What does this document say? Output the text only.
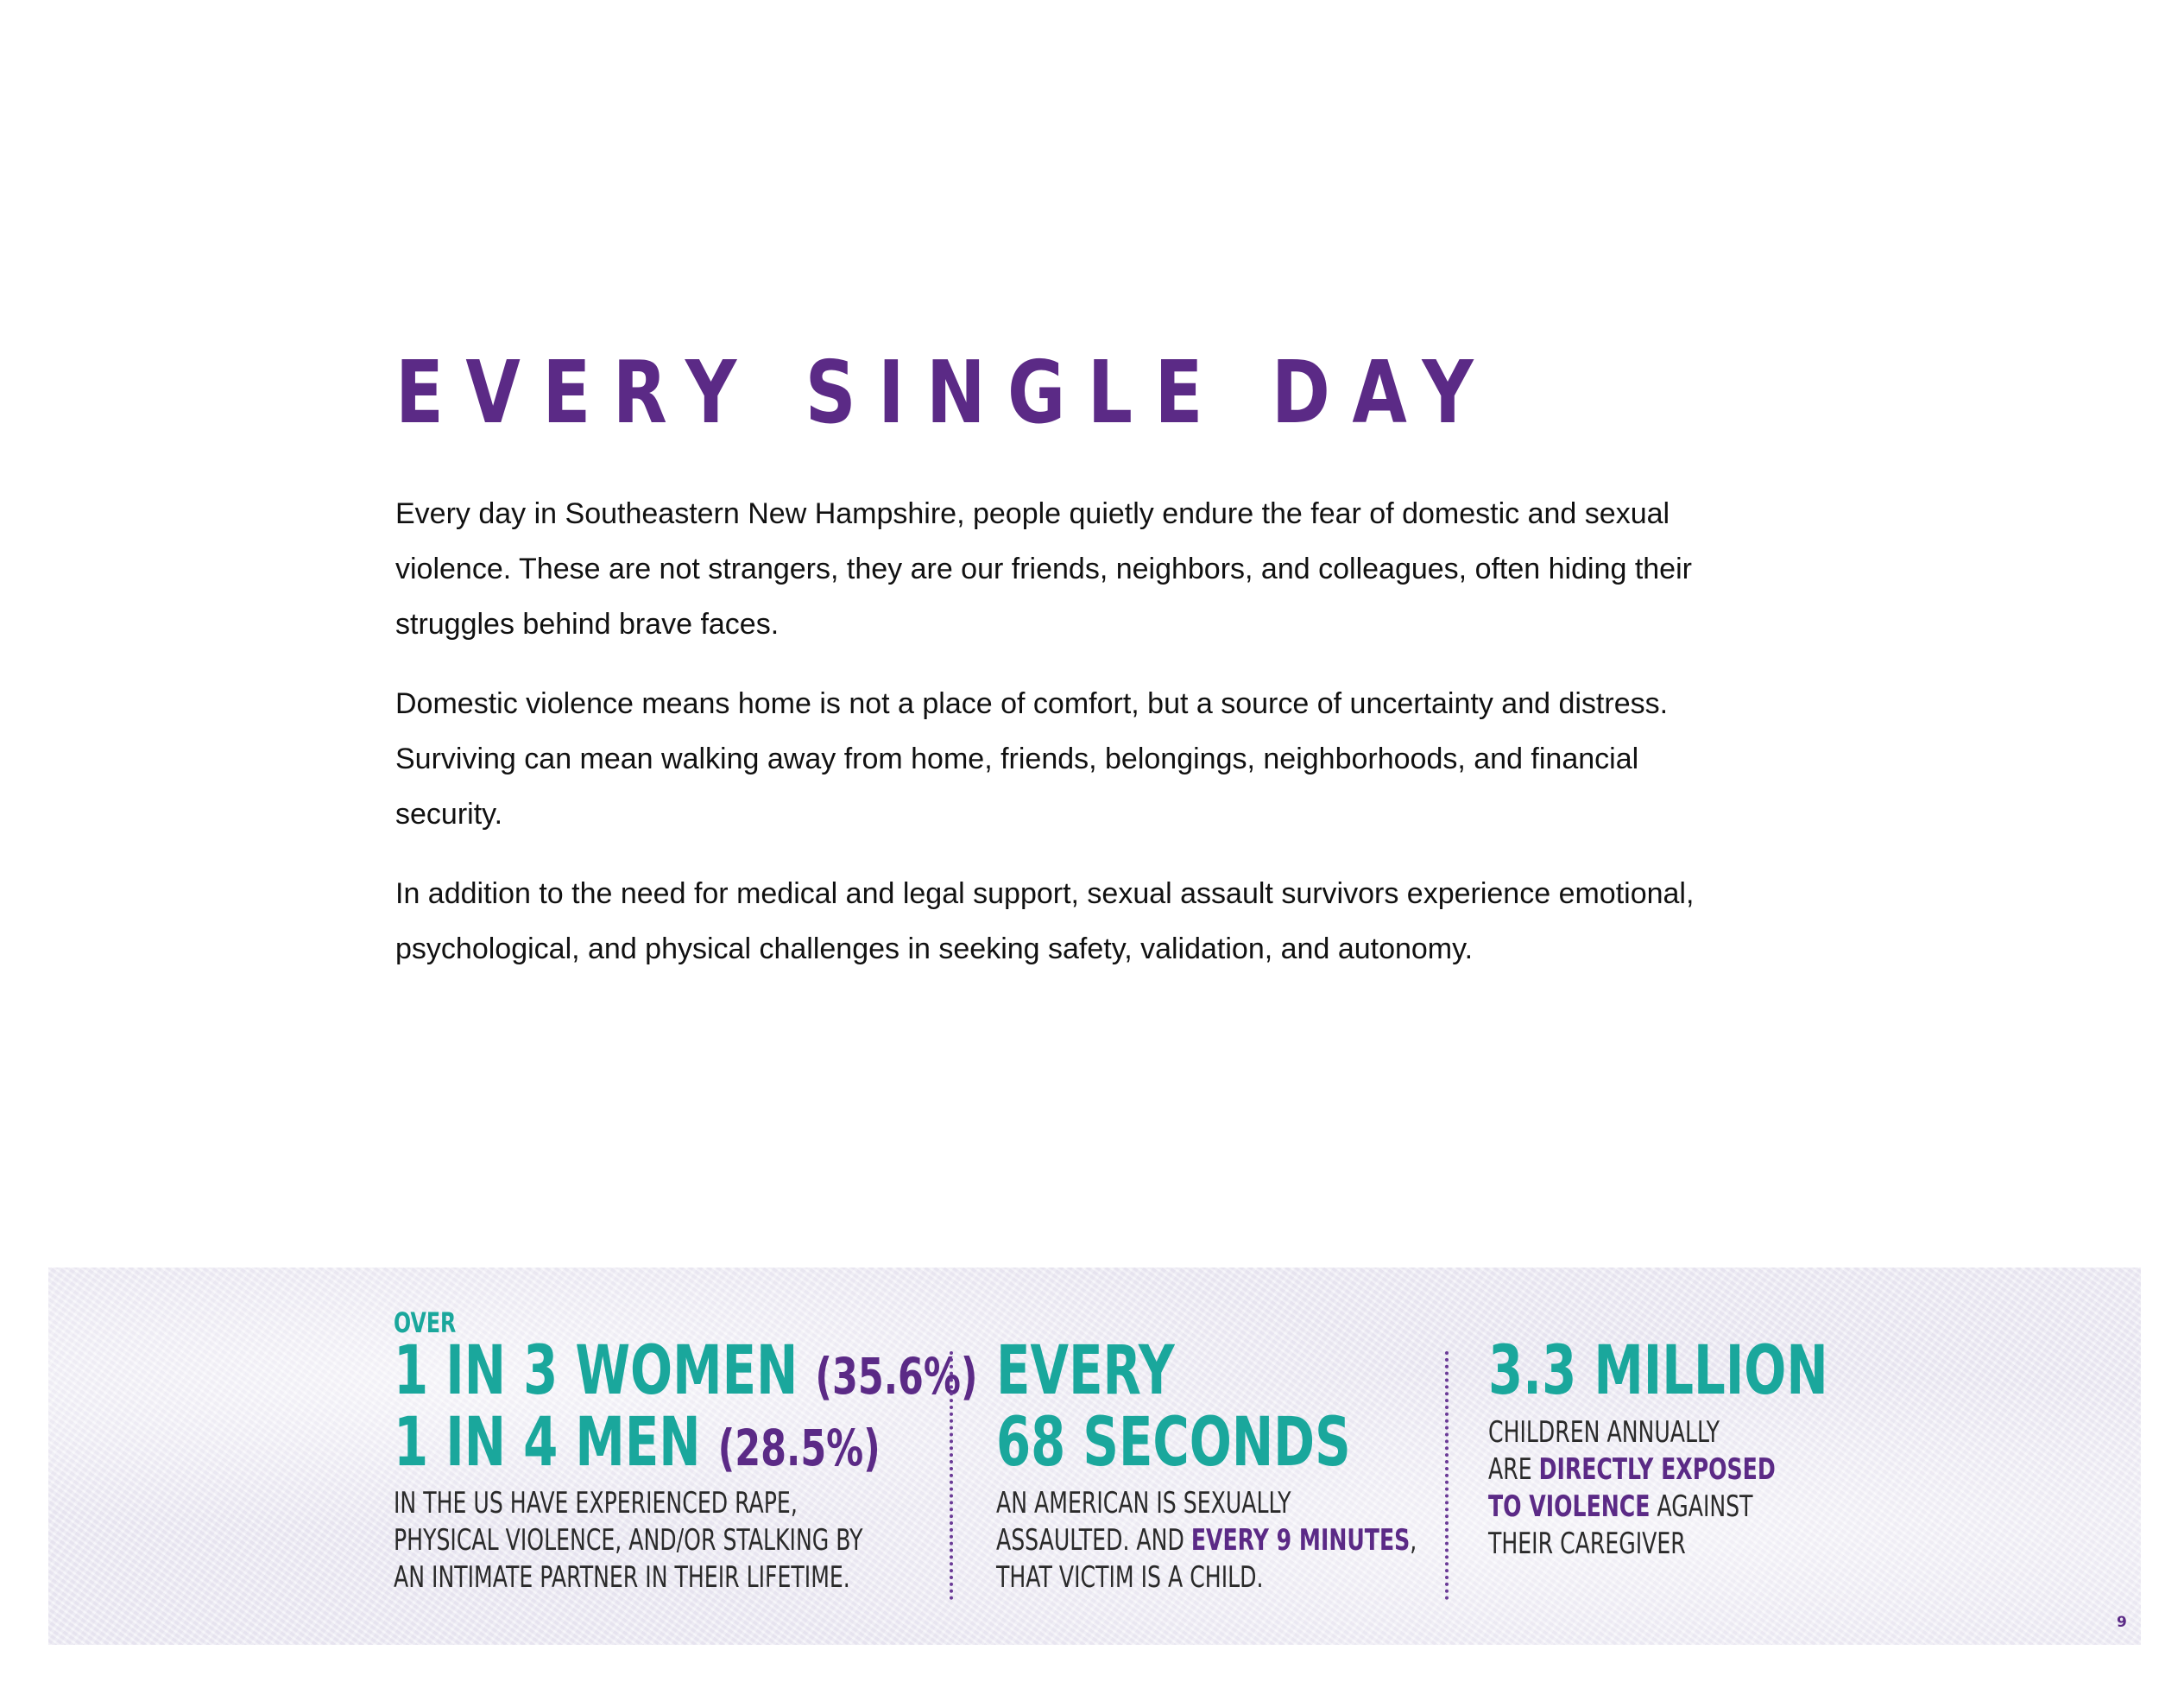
EVERY SINGLE DAY

Every day in Southeastern New Hampshire, people quietly endure the fear of domestic and sexual violence. These are not strangers, they are our friends, neighbors, and colleagues, often hiding their struggles behind brave faces.

Domestic violence means home is not a place of comfort, but a source of uncertainty and distress. Surviving can mean walking away from home, friends, belongings, neighborhoods, and financial security.

In addition to the need for medical and legal support, sexual assault survivors experience emotional, psychological, and physical challenges in seeking safety, validation, and autonomy.

OVER
1 IN 3 WOMEN (35.6%)
1 IN 4 MEN (28.5%)
IN THE US HAVE EXPERIENCED RAPE,
PHYSICAL VIOLENCE, AND/OR STALKING BY
AN INTIMATE PARTNER IN THEIR LIFETIME.
EVERY
68 SECONDS
AN AMERICAN IS SEXUALLY
ASSAULTED. AND EVERY 9 MINUTES,
THAT VICTIM IS A CHILD.
3.3 MILLION
CHILDREN ANNUALLY
ARE DIRECTLY EXPOSED
TO VIOLENCE AGAINST
THEIR CAREGIVER
9
